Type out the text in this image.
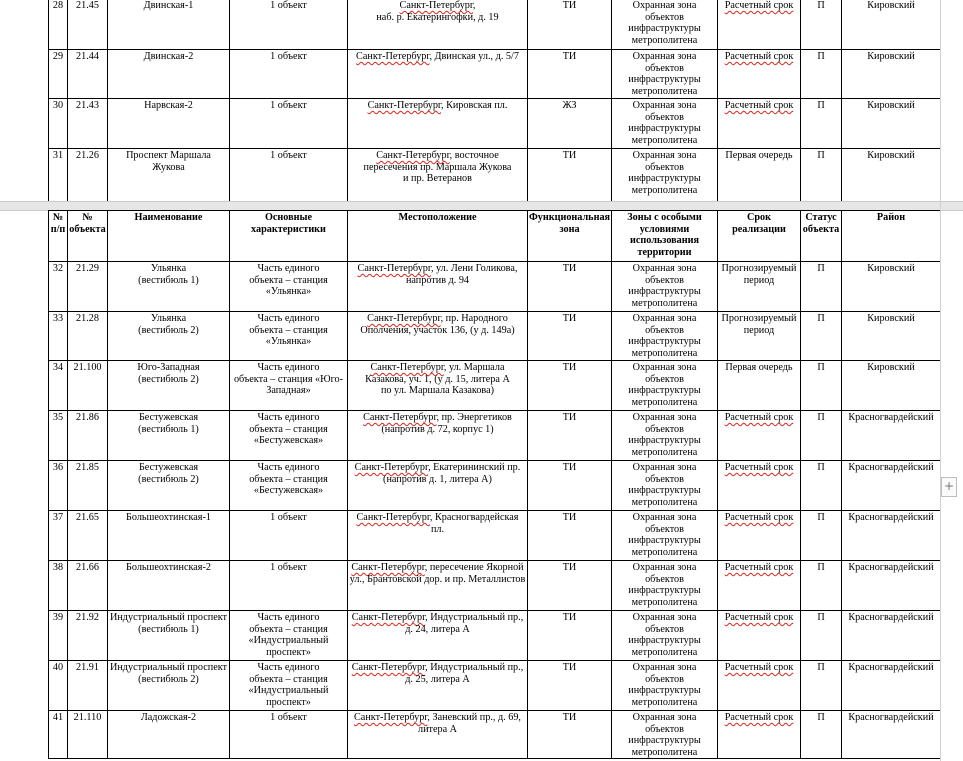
28	21.45	Двинская-1	1 объект	Санкт-Петербург,
наб. р. Екатерингофки, д. 19	ТИ	Охранная зона
объектов
инфраструктуры
метрополитена	Расчетный срок	П	Кировский
29	21.44	Двинская-2	1 объект	Санкт-Петербург, Двинская ул., д. 5/7	ТИ	Охранная зона
объектов
инфраструктуры
метрополитена	Расчетный срок	П	Кировский
30	21.43	Нарвская-2	1 объект	Санкт-Петербург, Кировская пл.	ЖЗ	Охранная зона
объектов
инфраструктуры
метрополитена	Расчетный срок	П	Кировский
31	21.26	Проспект Маршала Жукова	1 объект	Санкт-Петербург, восточное
пересечения пр. Маршала Жукова
и пр. Ветеранов	ТИ	Охранная зона
объектов
инфраструктуры
метрополитена	Первая очередь	П	Кировский
№ п/п	№ объекта	Наименование	Основные характеристики	Местоположение	Функциональная зона	Зоны с особыми условиями использования территории	Срок реализации	Статус объекта	Район
32	21.29	Ульянка
(вестибюль 1)	Часть единого
объекта – станция
«Ульянка»	Санкт-Петербург, ул. Лени Голикова,
напротив д. 94	ТИ	Охранная зона
объектов
инфраструктуры
метрополитена	Прогнозируемый
период	П	Кировский
33	21.28	Ульянка
(вестибюль 2)	Часть единого
объекта – станция
«Ульянка»	Санкт-Петербург, пр. Народного
Ополчения, участок 136, (у д. 149а)	ТИ	Охранная зона
объектов
инфраструктуры
метрополитена	Прогнозируемый
период	П	Кировский
34	21.100	Юго-Западная
(вестибюль 2)	Часть единого
объекта – станция «Юго-
Западная»	Санкт-Петербург, ул. Маршала
Казакова, уч. 1, (у д. 15, литера А
по ул. Маршала Казакова)	ТИ	Охранная зона
объектов
инфраструктуры
метрополитена	Первая очередь	П	Кировский
35	21.86	Бестужевская
(вестибюль 1)	Часть единого
объекта – станция
«Бестужевская»	Санкт-Петербург, пр. Энергетиков
(напротив д. 72, корпус 1)	ТИ	Охранная зона
объектов
инфраструктуры
метрополитена	Расчетный срок	П	Красногвардейский
36	21.85	Бестужевская
(вестибюль 2)	Часть единого
объекта – станция
«Бестужевская»	Санкт-Петербург, Екатерининский пр.
(напротив д. 1, литера А)	ТИ	Охранная зона
объектов
инфраструктуры
метрополитена	Расчетный срок	П	Красногвардейский
37	21.65	Большеохтинская-1	1 объект	Санкт-Петербург, Красногвардейская
пл.	ТИ	Охранная зона
объектов
инфраструктуры
метрополитена	Расчетный срок	П	Красногвардейский
38	21.66	Большеохтинская-2	1 объект	Санкт-Петербург, пересечение Якорной
ул., Брантовской дор. и пр. Металлистов	ТИ	Охранная зона
объектов
инфраструктуры
метрополитена	Расчетный срок	П	Красногвардейский
39	21.92	Индустриальный проспект
(вестибюль 1)	Часть единого
объекта – станция
«Индустриальный
проспект»	Санкт-Петербург, Индустриальный пр.,
д. 24, литера А	ТИ	Охранная зона
объектов
инфраструктуры
метрополитена	Расчетный срок	П	Красногвардейский
40	21.91	Индустриальный проспект
(вестибюль 2)	Часть единого
объекта – станция
«Индустриальный
проспект»	Санкт-Петербург, Индустриальный пр.,
д. 25, литера А	ТИ	Охранная зона
объектов
инфраструктуры
метрополитена	Расчетный срок	П	Красногвардейский
41	21.110	Ладожская-2	1 объект	Санкт-Петербург, Заневский пр., д. 69,
литера А	ТИ	Охранная зона
объектов
инфраструктуры
метрополитена	Расчетный срок	П	Красногвардейский
+
